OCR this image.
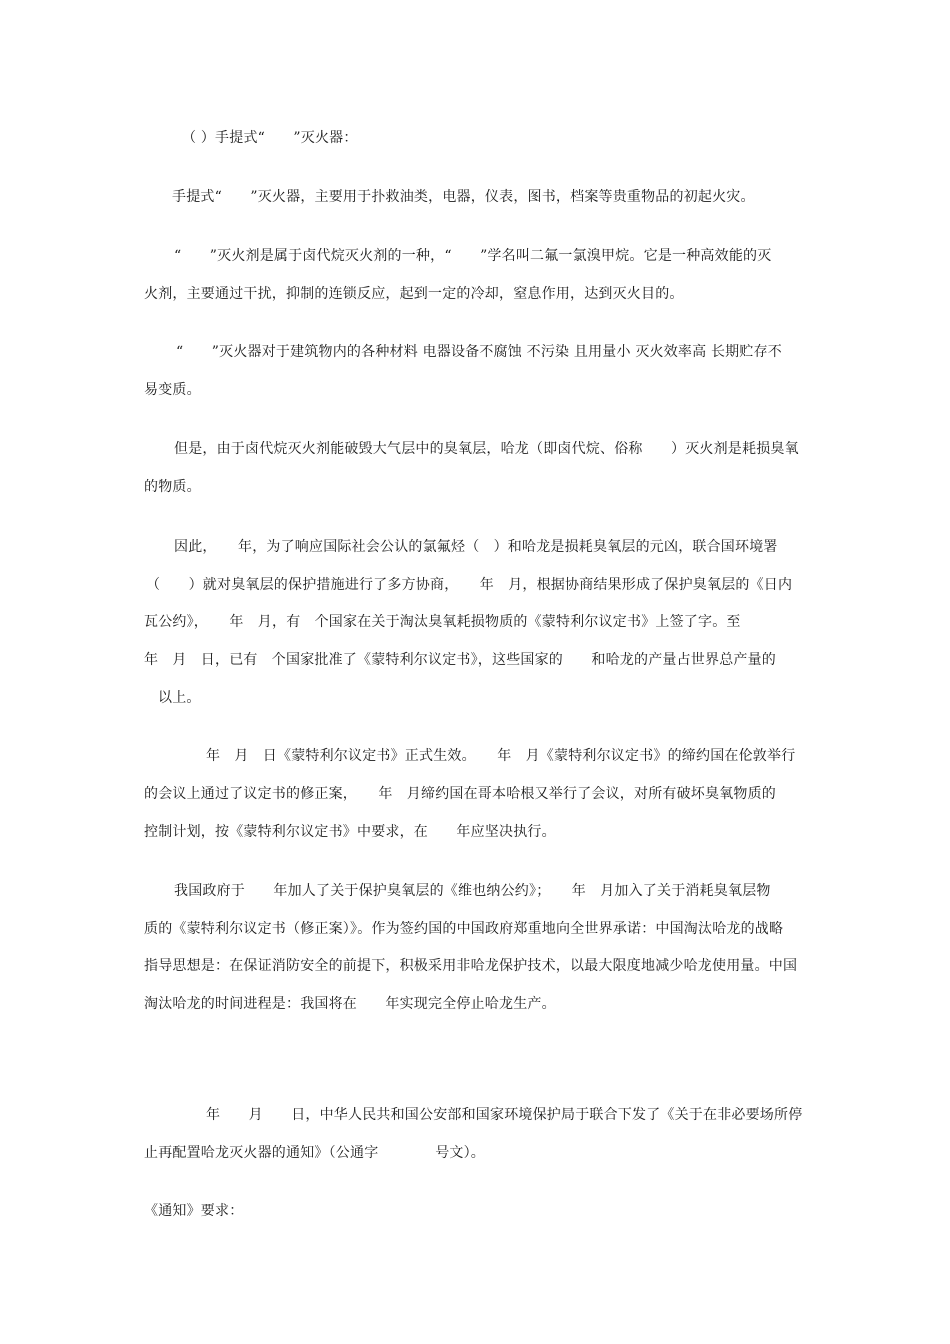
（ ）手提式“　　”灭火器：
手提式“　　”灭火器，主要用于扑救油类，电器，仪表，图书，档案等贵重物品的初起火灾。
“　　”灭火剂是属于卤代烷灭火剂的一种，“　　”学名叫二氟一氯溴甲烷。它是一种高效能的灭
火剂，主要通过干扰，抑制的连锁反应，起到一定的冷却，窒息作用，达到灭火目的。
“　　”灭火器对于建筑物内的各种材料 电器设备不腐蚀 不污染 且用量小 灭火效率高 长期贮存不
易变质。
但是，由于卤代烷灭火剂能破毁大气层中的臭氧层，哈龙（即卤代烷、俗称　　）灭火剂是耗损臭氧
的物质。
因此，　　年，为了响应国际社会公认的氯氟烃（　）和哈龙是损耗臭氧层的元凶，联合国环境署
（　　）就对臭氧层的保护措施进行了多方协商，　　年　月，根据协商结果形成了保护臭氧层的《日内
瓦公约》，　　年　月，有　个国家在关于淘汰臭氧耗损物质的《蒙特利尔议定书》上签了字。至
年　月　日，已有　个国家批准了《蒙特利尔议定书》，这些国家的　　和哈龙的产量占世界总产量的
以上。
年　月　日《蒙特利尔议定书》正式生效。　　年　月《蒙特利尔议定书》的缔约国在伦敦举行
的会议上通过了议定书的修正案，　　年　月缔约国在哥本哈根又举行了会议，对所有破坏臭氧物质的
控制计划，按《蒙特利尔议定书》中要求，在　　年应坚决执行。
我国政府于　　年加人了关于保护臭氧层的《维也纳公约》；　　年　月加入了关于消耗臭氧层物
质的《蒙特利尔议定书（修正案）》。作为签约国的中国政府郑重地向全世界承诺：中国淘汰哈龙的战略
指导思想是：在保证消防安全的前提下，积极采用非哈龙保护技术，以最大限度地减少哈龙使用量。中国
淘汰哈龙的时间进程是：我国将在　　年实现完全停止哈龙生产。
年　　月　　日，中华人民共和国公安部和国家环境保护局于联合下发了《关于在非必要场所停
止再配置哈龙灭火器的通知》（公通字　　　　号文）。
《通知》要求：
